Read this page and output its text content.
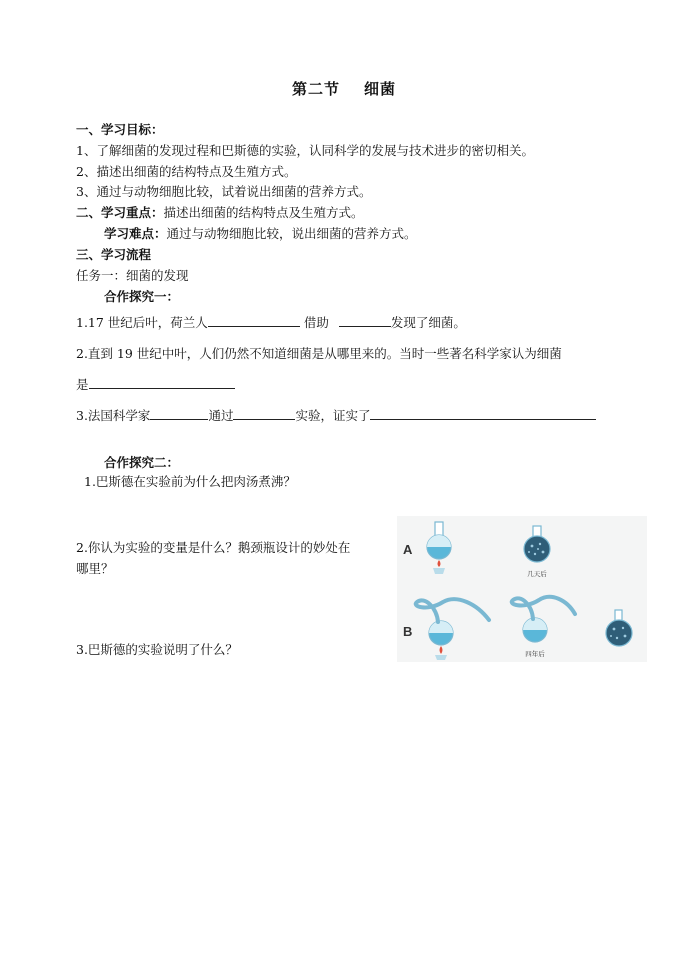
第二节 细菌
一、学习目标：
1、了解细菌的发现过程和巴斯德的实验，认同科学的发展与技术进步的密切相关。
2、描述出细菌的结构特点及生殖方式。
3、通过与动物细胞比较，试着说出细菌的营养方式。
二、学习重点：描述出细菌的结构特点及生殖方式。
学习难点：通过与动物细胞比较，说出细菌的营养方式。
三、学习流程
任务一：细菌的发现
合作探究一：
1.17 世纪后叶，荷兰人	借助	发现了细菌。
2.直到 19 世纪中叶，人们仍然不知道细菌是从哪里来的。当时一些著名科学家认为细菌
是
3.法国科学家	通过	实验，证实了
合作探究二：
1.巴斯德在实验前为什么把肉汤煮沸？
2.你认为实验的变量是什么？鹅颈瓶设计的妙处在
哪里？
3.巴斯德的实验说明了什么？
A
B
几天后
四年后
